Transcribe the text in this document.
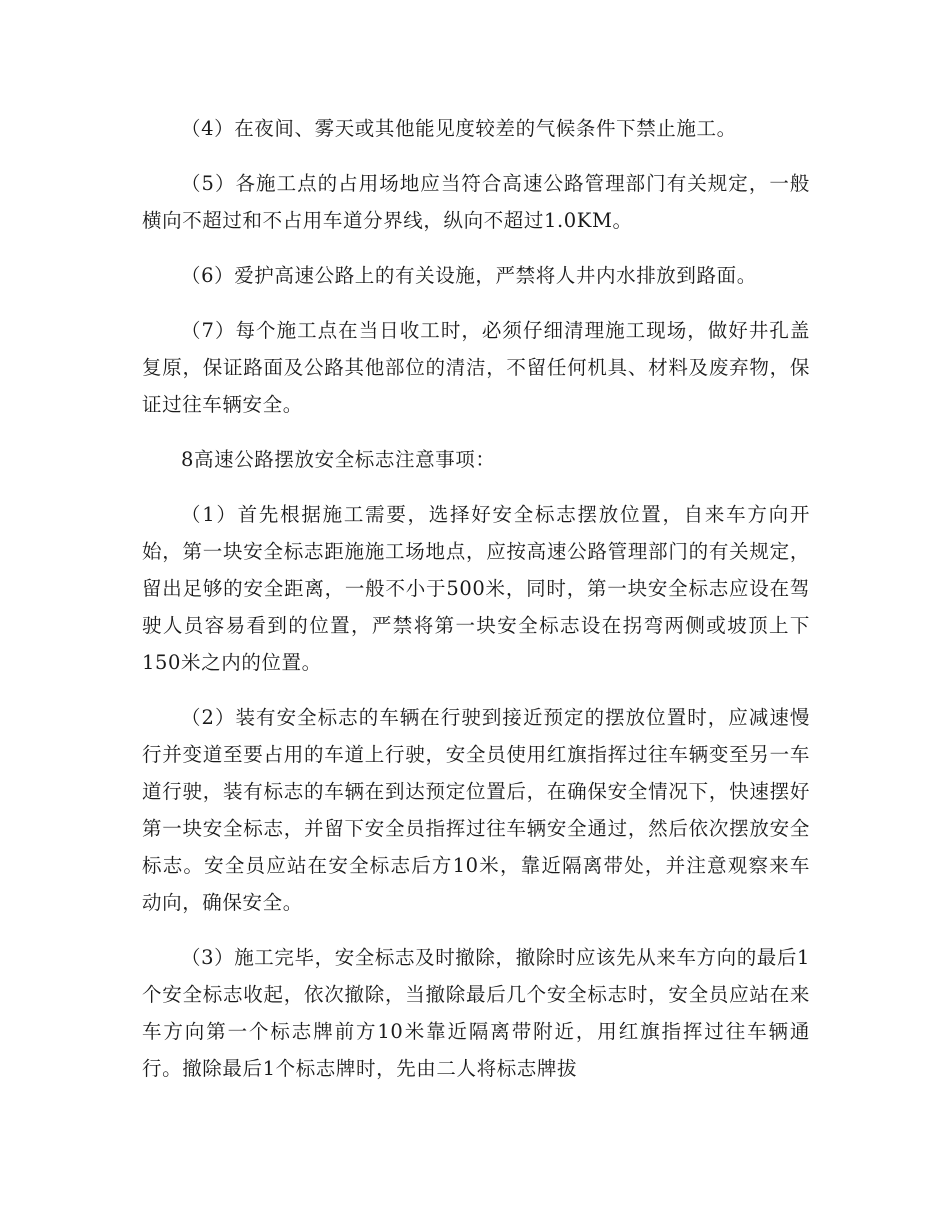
（4）在夜间、雾天或其他能见度较差的气候条件下禁止施工。

（5）各施工点的占用场地应当符合高速公路管理部门有关规定，一般横向不超过和不占用车道分界线，纵向不超过1.0KM。

（6）爱护高速公路上的有关设施，严禁将人井内水排放到路面。

（7）每个施工点在当日收工时，必须仔细清理施工现场，做好井孔盖复原，保证路面及公路其他部位的清洁，不留任何机具、材料及废弃物，保证过往车辆安全。

8高速公路摆放安全标志注意事项：

（1）首先根据施工需要，选择好安全标志摆放位置，自来车方向开始，第一块安全标志距施施工场地点，应按高速公路管理部门的有关规定，留出足够的安全距离，一般不小于500米，同时，第一块安全标志应设在驾驶人员容易看到的位置，严禁将第一块安全标志设在拐弯两侧或坡顶上下150米之内的位置。

（2）装有安全标志的车辆在行驶到接近预定的摆放位置时，应减速慢行并变道至要占用的车道上行驶，安全员使用红旗指挥过往车辆变至另一车道行驶，装有标志的车辆在到达预定位置后，在确保安全情况下，快速摆好第一块安全标志，并留下安全员指挥过往车辆安全通过，然后依次摆放安全标志。安全员应站在安全标志后方10米，靠近隔离带处，并注意观察来车动向，确保安全。

（3）施工完毕，安全标志及时撤除，撤除时应该先从来车方向的最后1个安全标志收起，依次撤除，当撤除最后几个安全标志时，安全员应站在来车方向第一个标志牌前方10米靠近隔离带附近，用红旗指挥过往车辆通行。撤除最后1个标志牌时，先由二人将标志牌拔
